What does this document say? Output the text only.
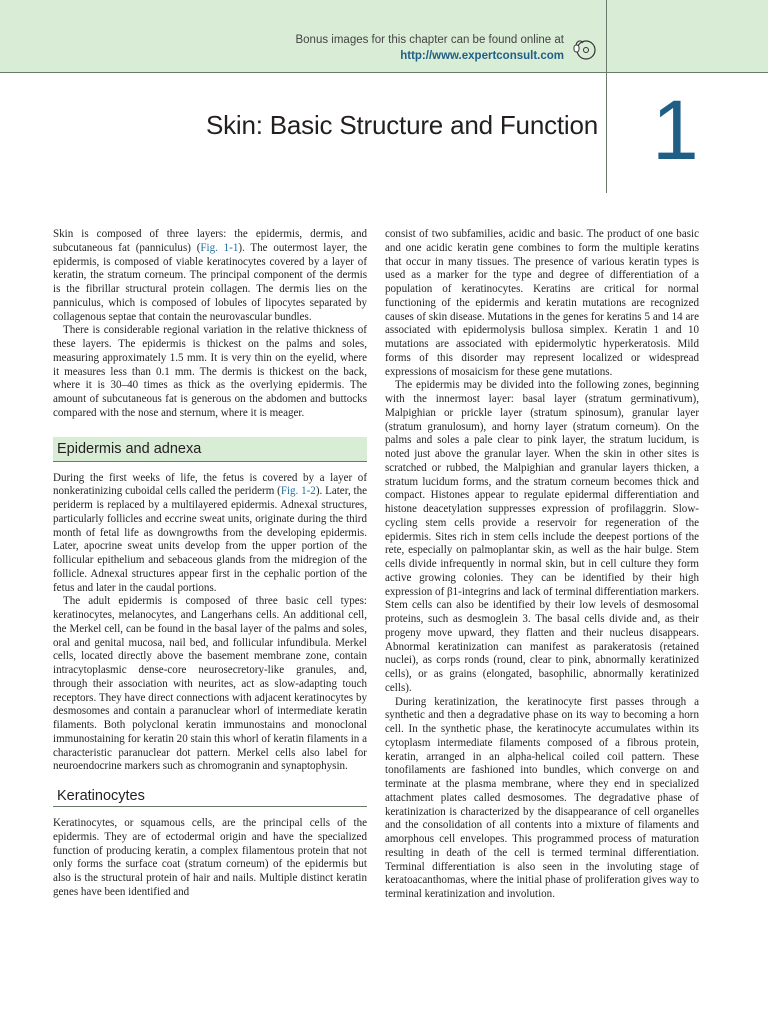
Bonus images for this chapter can be found online at
http://www.expertconsult.com
Skin: Basic Structure and Function 1

Skin is composed of three layers: the epidermis, dermis, and subcutaneous fat (panniculus) (Fig. 1-1). The outermost layer, the epidermis, is composed of viable keratinocytes covered by a layer of keratin, the stratum corneum. The principal component of the dermis is the fibrillar structural protein collagen. The dermis lies on the panniculus, which is composed of lobules of lipocytes separated by collagenous septae that contain the neurovascular bundles.

There is considerable regional variation in the relative thickness of these layers. The epidermis is thickest on the palms and soles, measuring approximately 1.5 mm. It is very thin on the eyelid, where it measures less than 0.1 mm. The dermis is thickest on the back, where it is 30–40 times as thick as the overlying epidermis. The amount of subcutaneous fat is generous on the abdomen and buttocks compared with the nose and sternum, where it is meager.

Epidermis and adnexa

During the first weeks of life, the fetus is covered by a layer of nonkeratinizing cuboidal cells called the periderm (Fig. 1-2). Later, the periderm is replaced by a multilayered epidermis. Adnexal structures, particularly follicles and eccrine sweat units, originate during the third month of fetal life as downgrowths from the developing epidermis. Later, apocrine sweat units develop from the upper portion of the follicular epithelium and sebaceous glands from the midregion of the follicle. Adnexal structures appear first in the cephalic portion of the fetus and later in the caudal portions.

The adult epidermis is composed of three basic cell types: keratinocytes, melanocytes, and Langerhans cells. An additional cell, the Merkel cell, can be found in the basal layer of the palms and soles, oral and genital mucosa, nail bed, and follicular infundibula. Merkel cells, located directly above the basement membrane zone, contain intracytoplasmic dense-core neurosecretory-like granules, and, through their association with neurites, act as slow-adapting touch receptors. They have direct connections with adjacent keratinocytes by desmosomes and contain a paranuclear whorl of intermediate keratin filaments. Both polyclonal keratin immunostains and monoclonal immunostaining for keratin 20 stain this whorl of keratin filaments in a characteristic paranuclear dot pattern. Merkel cells also label for neuroendocrine markers such as chromogranin and synaptophysin.

Keratinocytes

Keratinocytes, or squamous cells, are the principal cells of the epidermis. They are of ectodermal origin and have the specialized function of producing keratin, a complex filamentous protein that not only forms the surface coat (stratum corneum) of the epidermis but also is the structural protein of hair and nails. Multiple distinct keratin genes have been identified and

consist of two subfamilies, acidic and basic. The product of one basic and one acidic keratin gene combines to form the multiple keratins that occur in many tissues. The presence of various keratin types is used as a marker for the type and degree of differentiation of a population of keratinocytes. Keratins are critical for normal functioning of the epidermis and keratin mutations are recognized causes of skin disease. Mutations in the genes for keratins 5 and 14 are associated with epidermolysis bullosa simplex. Keratin 1 and 10 mutations are associated with epidermolytic hyperkeratosis. Mild forms of this disorder may represent localized or widespread expressions of mosaicism for these gene mutations.

The epidermis may be divided into the following zones, beginning with the innermost layer: basal layer (stratum germinativum), Malpighian or prickle layer (stratum spinosum), granular layer (stratum granulosum), and horny layer (stratum corneum). On the palms and soles a pale clear to pink layer, the stratum lucidum, is noted just above the granular layer. When the skin in other sites is scratched or rubbed, the Malpighian and granular layers thicken, a stratum lucidum forms, and the stratum corneum becomes thick and compact. Histones appear to regulate epidermal differentiation and histone deacetylation suppresses expression of profilaggrin. Slow-cycling stem cells provide a reservoir for regeneration of the epidermis. Sites rich in stem cells include the deepest portions of the rete, especially on palmoplantar skin, as well as the hair bulge. Stem cells divide infrequently in normal skin, but in cell culture they form active growing colonies. They can be identified by their high expression of β1-integrins and lack of terminal differentiation markers. Stem cells can also be identified by their low levels of desmosomal proteins, such as desmoglein 3. The basal cells divide and, as their progeny move upward, they flatten and their nucleus disappears. Abnormal keratinization can manifest as parakeratosis (retained nuclei), as corps ronds (round, clear to pink, abnormally keratinized cells), or as grains (elongated, basophilic, abnormally keratinized cells).

During keratinization, the keratinocyte first passes through a synthetic and then a degradative phase on its way to becoming a horn cell. In the synthetic phase, the keratinocyte accumulates within its cytoplasm intermediate filaments composed of a fibrous protein, keratin, arranged in an alpha-helical coiled coil pattern. These tonofilaments are fashioned into bundles, which converge on and terminate at the plasma membrane, where they end in specialized attachment plates called desmosomes. The degradative phase of keratinization is characterized by the disappearance of cell organelles and the consolidation of all contents into a mixture of filaments and amorphous cell envelopes. This programmed process of maturation resulting in death of the cell is termed terminal differentiation. Terminal differentiation is also seen in the involuting stage of keratoacanthomas, where the initial phase of proliferation gives way to terminal keratinization and involution.
